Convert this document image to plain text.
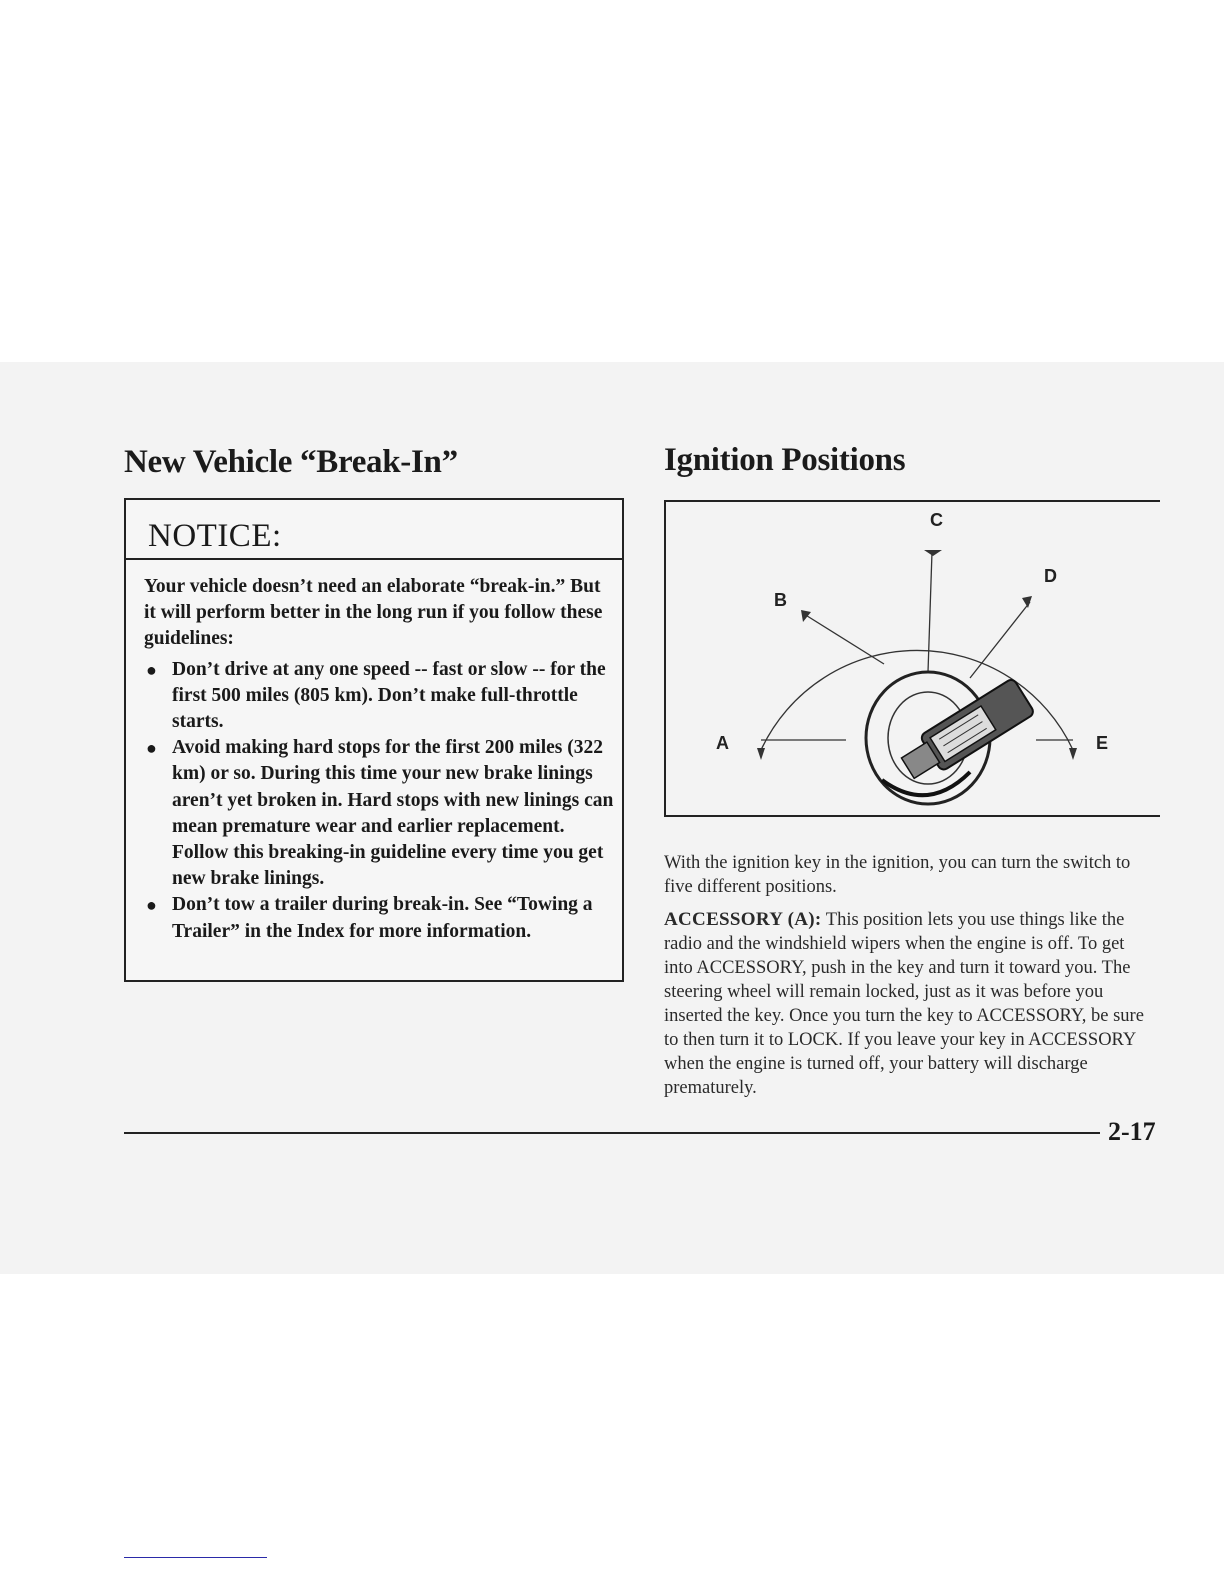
New Vehicle “Break-In”
NOTICE:

Your vehicle doesn’t need an elaborate “break-in.” But it will perform better in the long run if you follow these guidelines:

● Don’t drive at any one speed -- fast or slow -- for the first 500 miles (805 km). Don’t make full-throttle starts.
● Avoid making hard stops for the first 200 miles (322 km) or so. During this time your new brake linings aren’t yet broken in. Hard stops with new linings can mean premature wear and earlier replacement. Follow this breaking-in guideline every time you get new brake linings.
● Don’t tow a trailer during break-in. See “Towing a Trailer” in the Index for more information.
Ignition Positions
A
B
C
D
E

With the ignition key in the ignition, you can turn the switch to five different positions.

ACCESSORY (A): This position lets you use things like the radio and the windshield wipers when the engine is off. To get into ACCESSORY, push in the key and turn it toward you. The steering wheel will remain locked, just as it was before you inserted the key. Once you turn the key to ACCESSORY, be sure to then turn it to LOCK. If you leave your key in ACCESSORY when the engine is turned off, your battery will discharge prematurely.

2-17
